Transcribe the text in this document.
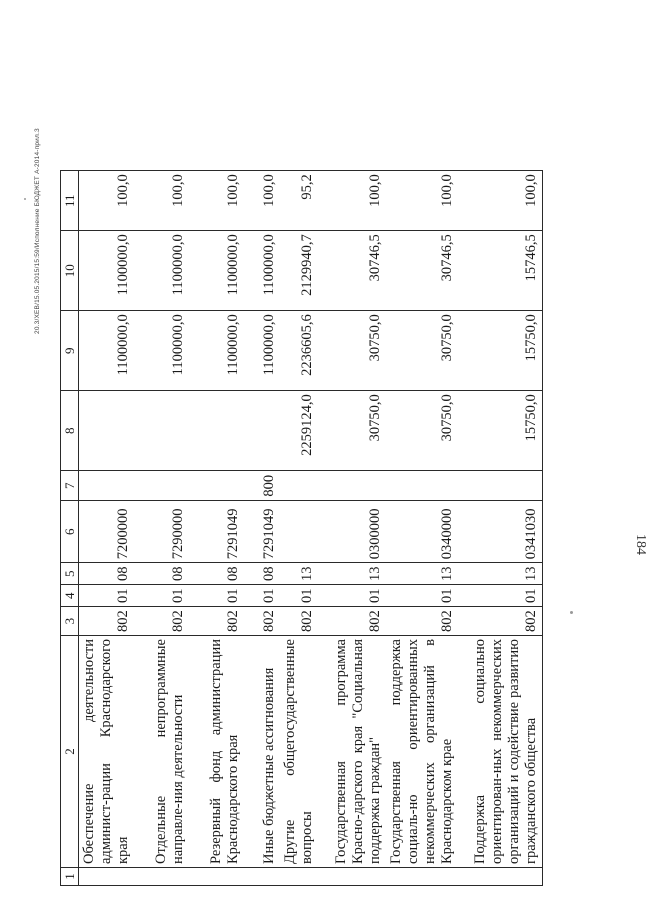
1	2	3	4	5	6	7	8	9	10	11
	Обеспечение деятельности админист-рации Краснодарского края	802	01	08	7200000			1100000,0	1100000,0	100,0
	Отдельные непрограммные направле-ния деятельности	802	01	08	7290000			1100000,0	1100000,0	100,0
	Резервный фонд администрации Краснодарского края	802	01	08	7291049			1100000,0	1100000,0	100,0
	Иные бюджетные ассигнования	802	01	08	7291049	800		1100000,0	1100000,0	100,0
	Другие общегосударственные вопросы	802	01	13			2259124,0	2236605,6	2129940,7	95,2
	Государственная программа Красно-дарского края "Социальная поддержка граждан"	802	01	13	0300000		30750,0	30750,0	30746,5	100,0
	Государственная поддержка социаль-но ориентированных некоммерческих организаций в Краснодарском крае	802	01	13	0340000		30750,0	30750,0	30746,5	100,0
	Поддержка социально ориентирован-ных некоммерческих организаций и содействие развитию гражданского общества	802	01	13	0341030		15750,0	15750,0	15746,5	100,0
20.3/XEB/15.05.2015/15:59/Исполнение БЮДЖЕТ А-2014-прил.3
184
